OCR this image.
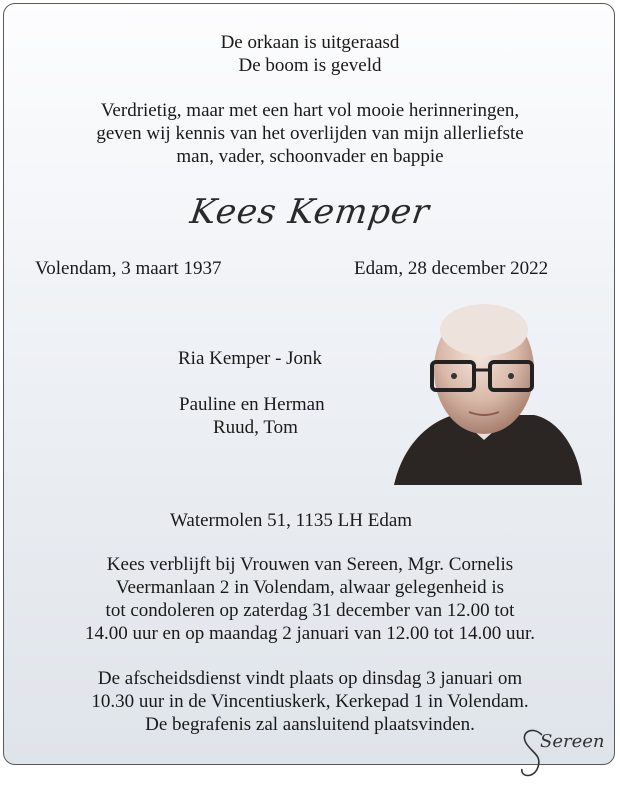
De orkaan is uitgeraasd

De boom is geveld

Verdrietig, maar met een hart vol mooie herinneringen,

geven wij kennis van het overlijden van mijn allerliefste

man, vader, schoonvader en bappie

Kees Kemper
Volendam, 3 maart 1937	Edam, 28 december 2022
Ria Kemper - Jonk
Pauline en Herman
Ruud, Tom
Watermolen 51, 1135 LH Edam

Kees verblijft bij Vrouwen van Sereen, Mgr. Cornelis

Veermanlaan 2 in Volendam, alwaar gelegenheid is

tot condoleren op zaterdag 31 december van 12.00 tot

14.00 uur en op maandag 2 januari van 12.00 tot 14.00 uur.

De afscheidsdienst vindt plaats op dinsdag 3 januari om

10.30 uur in de Vincentiuskerk, Kerkepad 1 in Volendam.

De begrafenis zal aansluitend plaatsvinden.

Sereen
